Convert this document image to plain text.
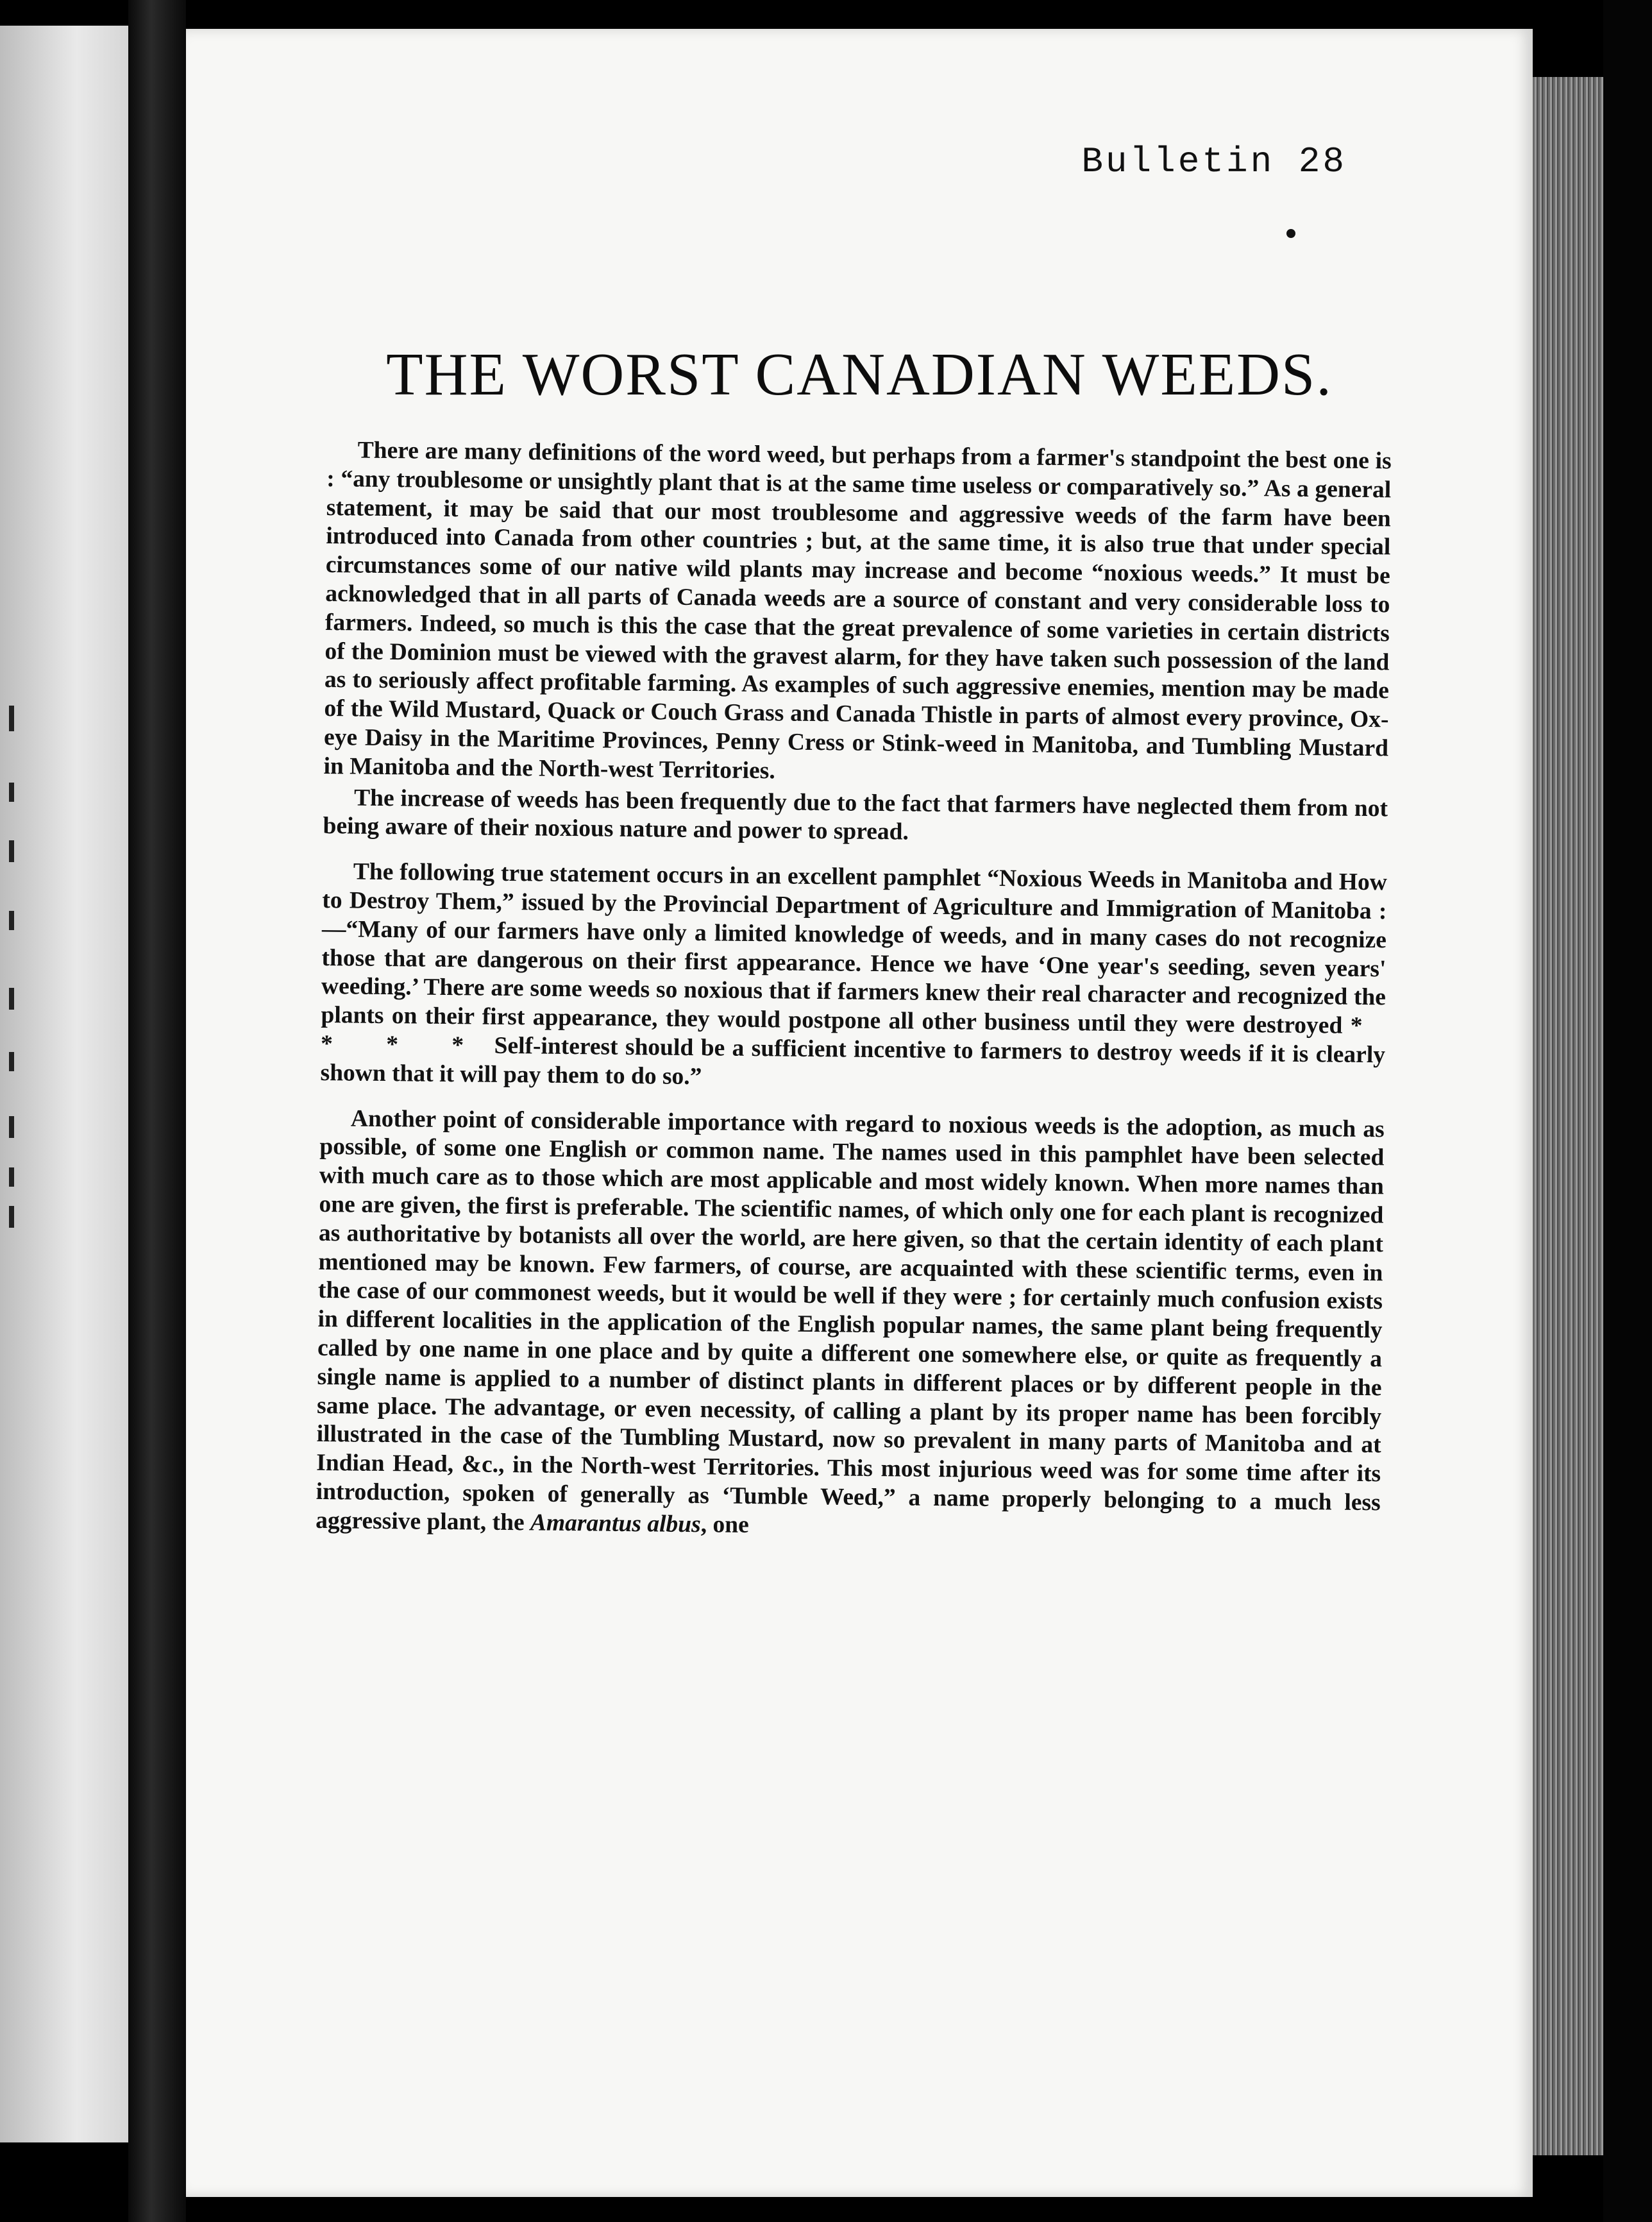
Bulletin 28
THE WORST CANADIAN WEEDS.

There are many definitions of the word weed, but perhaps from a farmer's standpoint the best one is : “any troublesome or unsightly plant that is at the same time useless or comparatively so.” As a general statement, it may be said that our most troublesome and aggressive weeds of the farm have been introduced into Canada from other countries ; but, at the same time, it is also true that under special circumstances some of our native wild plants may increase and become “noxious weeds.” It must be acknowledged that in all parts of Canada weeds are a source of constant and very considerable loss to farmers. Indeed, so much is this the case that the great prevalence of some varieties in certain districts of the Dominion must be viewed with the gravest alarm, for they have taken such possession of the land as to seriously affect profitable farming. As examples of such aggressive enemies, mention may be made of the Wild Mustard, Quack or Couch Grass and Canada Thistle in parts of almost every province, Ox-eye Daisy in the Maritime Provinces, Penny Cress or Stink-weed in Manitoba, and Tumbling Mustard in Manitoba and the North-west Territories.

The increase of weeds has been frequently due to the fact that farmers have neglected them from not being aware of their noxious nature and power to spread.

The following true statement occurs in an excellent pamphlet “Noxious Weeds in Manitoba and How to Destroy Them,” issued by the Provincial Department of Agriculture and Immigration of Manitoba :—“Many of our farmers have only a limited knowledge of weeds, and in many cases do not recognize those that are dangerous on their first appearance. Hence we have ‘One year's seeding, seven years' weeding.’ There are some weeds so noxious that if farmers knew their real character and recognized the plants on their first appearance, they would postpone all other business until they were destroyed * * * * Self-interest should be a sufficient incentive to farmers to destroy weeds if it is clearly shown that it will pay them to do so.”

Another point of considerable importance with regard to noxious weeds is the adoption, as much as possible, of some one English or common name. The names used in this pamphlet have been selected with much care as to those which are most applicable and most widely known. When more names than one are given, the first is preferable. The scientific names, of which only one for each plant is recognized as authoritative by botanists all over the world, are here given, so that the certain identity of each plant mentioned may be known. Few farmers, of course, are acquainted with these scientific terms, even in the case of our commonest weeds, but it would be well if they were ; for certainly much confusion exists in different localities in the application of the English popular names, the same plant being frequently called by one name in one place and by quite a different one somewhere else, or quite as frequently a single name is applied to a number of distinct plants in different places or by different people in the same place. The advantage, or even necessity, of calling a plant by its proper name has been forcibly illustrated in the case of the Tumbling Mustard, now so prevalent in many parts of Manitoba and at Indian Head, &c., in the North-west Territories. This most injurious weed was for some time after its introduction, spoken of generally as ‘Tumble Weed,” a name properly belonging to a much less aggressive plant, the Amarantus albus, one
